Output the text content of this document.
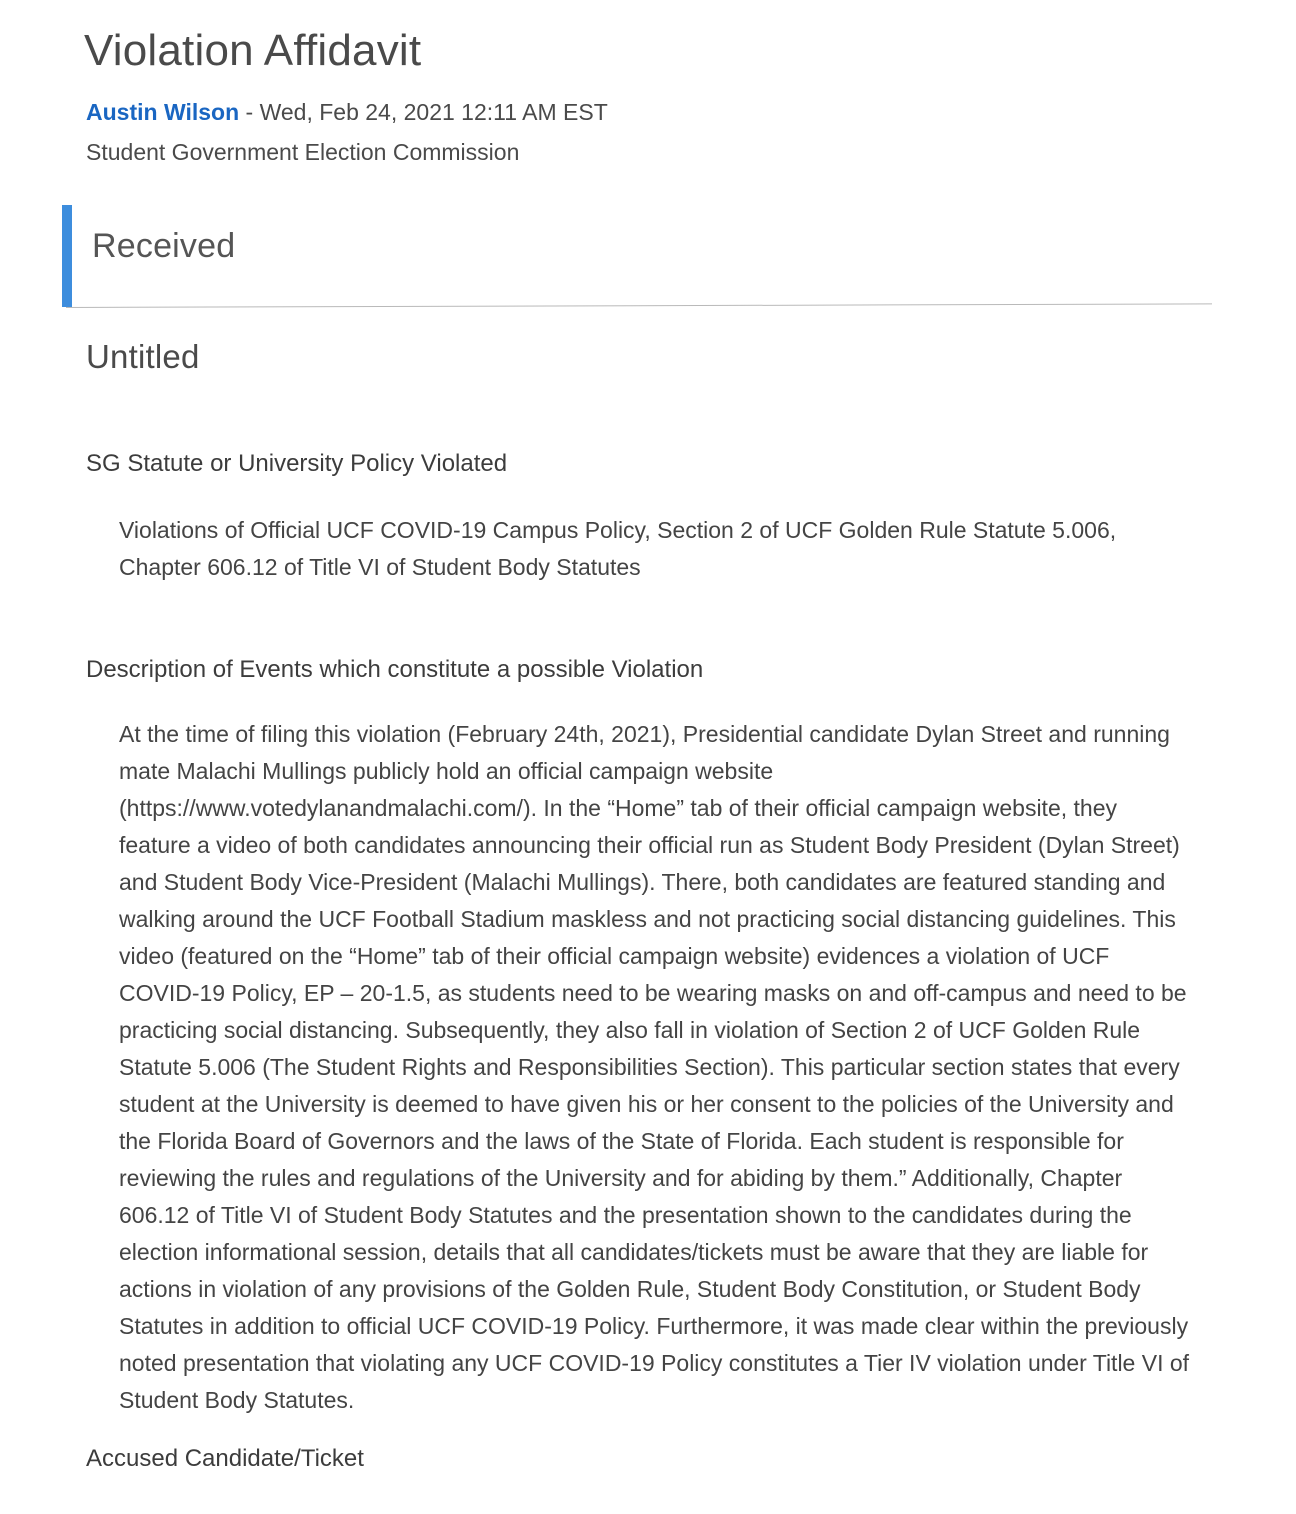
Violation Affidavit
Austin Wilson - Wed, Feb 24, 2021 12:11 AM EST
Student Government Election Commission
Received
Untitled
SG Statute or University Policy Violated
Violations of Official UCF COVID-19 Campus Policy, Section 2 of UCF Golden Rule Statute 5.006, Chapter 606.12 of Title VI of Student Body Statutes
Description of Events which constitute a possible Violation
At the time of filing this violation (February 24th, 2021), Presidential candidate Dylan Street and running mate Malachi Mullings publicly hold an official campaign website (https://www.votedylanandmalachi.com/). In the “Home” tab of their official campaign website, they feature a video of both candidates announcing their official run as Student Body President (Dylan Street) and Student Body Vice-President (Malachi Mullings). There, both candidates are featured standing and walking around the UCF Football Stadium maskless and not practicing social distancing guidelines. This video (featured on the “Home” tab of their official campaign website) evidences a violation of UCF COVID-19 Policy, EP – 20-1.5, as students need to be wearing masks on and off-campus and need to be practicing social distancing. Subsequently, they also fall in violation of Section 2 of UCF Golden Rule Statute 5.006 (The Student Rights and Responsibilities Section). This particular section states that every student at the University is deemed to have given his or her consent to the policies of the University and the Florida Board of Governors and the laws of the State of Florida. Each student is responsible for reviewing the rules and regulations of the University and for abiding by them.” Additionally, Chapter 606.12 of Title VI of Student Body Statutes and the presentation shown to the candidates during the election informational session, details that all candidates/tickets must be aware that they are liable for actions in violation of any provisions of the Golden Rule, Student Body Constitution, or Student Body Statutes in addition to official UCF COVID-19 Policy. Furthermore, it was made clear within the previously noted presentation that violating any UCF COVID-19 Policy constitutes a Tier IV violation under Title VI of Student Body Statutes.
Accused Candidate/Ticket
